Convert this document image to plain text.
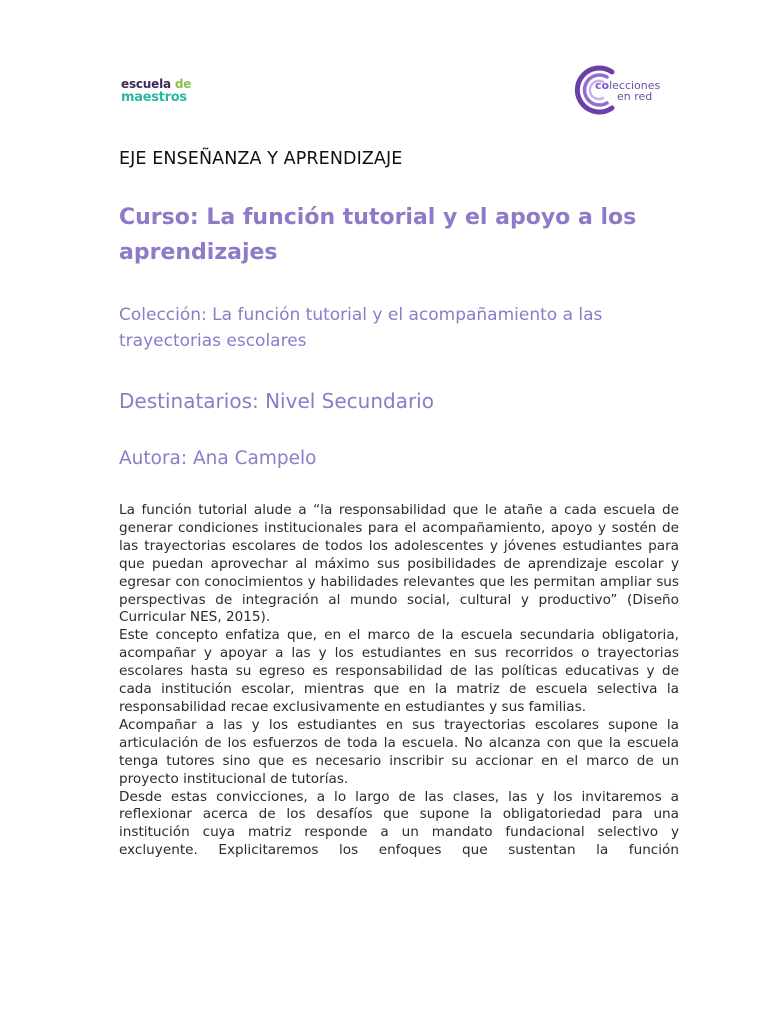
escuela de
maestros
colecciones
en red
EJE ENSEÑANZA Y APRENDIZAJE
Curso: La función tutorial y el apoyo a los aprendizajes
Colección: La función tutorial y el acompañamiento a las trayectorias escolares
Destinatarios: Nivel Secundario
Autora: Ana Campelo

La función tutorial alude a “la responsabilidad que le atañe a cada escuela de generar condiciones institucionales para el acompañamiento, apoyo y sostén de las trayectorias escolares de todos los adolescentes y jóvenes estudiantes para que puedan aprovechar al máximo sus posibilidades de aprendizaje escolar y egresar con conocimientos y habilidades relevantes que les permitan ampliar sus perspectivas de integración al mundo social, cultural y productivo” (Diseño Curricular NES, 2015).

Este concepto enfatiza que, en el marco de la escuela secundaria obligatoria, acompañar y apoyar a las y los estudiantes en sus recorridos o trayectorias escolares hasta su egreso es responsabilidad de las políticas educativas y de cada institución escolar, mientras que en la matriz de escuela selectiva la responsabilidad recae exclusivamente en estudiantes y sus familias.

Acompañar a las y los estudiantes en sus trayectorias escolares supone la articulación de los esfuerzos de toda la escuela. No alcanza con que la escuela tenga tutores sino que es necesario inscribir su accionar en el marco de un proyecto institucional de tutorías.

Desde estas convicciones, a lo largo de las clases, las y los invitaremos a reflexionar acerca de los desafíos que supone la obligatoriedad para una institución cuya matriz responde a un mandato fundacional selectivo y excluyente. Explicitaremos los enfoques que sustentan la función
